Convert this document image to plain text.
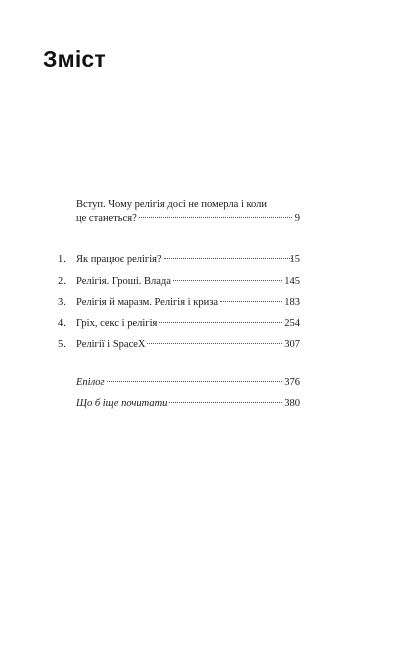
Зміст
Вступ. Чому релігія досі не померла і коли
це станеться?	9
1. Як працює релігія?	15
2. Релігія. Гроші. Влада	145
3. Релігія й маразм. Релігія і криза	183
4. Гріх, секс і релігія	254
5. Релігії і SpaceX	307
Епілог	376
Що б іще почитати	380
